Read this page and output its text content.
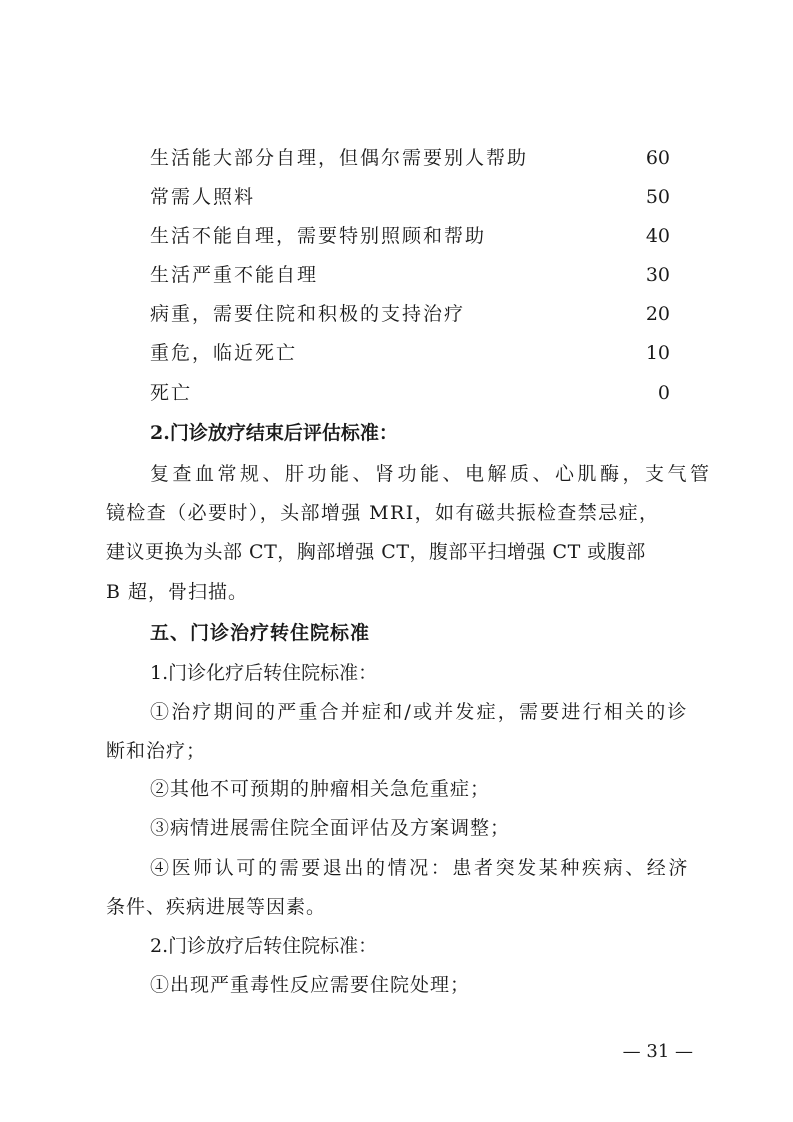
生活能大部分自理，但偶尔需要别人帮助	60
常需人照料	50
生活不能自理，需要特别照顾和帮助	40
生活严重不能自理	30
病重，需要住院和积极的支持治疗	20
重危，临近死亡	10
死亡	0
2.门诊放疗结束后评估标准：
复查血常规、肝功能、肾功能、电解质、心肌酶，支气管
镜检查（必要时），头部增强 MRI，如有磁共振检查禁忌症，
建议更换为头部 CT，胸部增强 CT，腹部平扫增强 CT 或腹部
B 超，骨扫描。
五、门诊治疗转住院标准
1.门诊化疗后转住院标准：
①治疗期间的严重合并症和/或并发症，需要进行相关的诊
断和治疗；
②其他不可预期的肿瘤相关急危重症；
③病情进展需住院全面评估及方案调整；
④医师认可的需要退出的情况：患者突发某种疾病、经济
条件、疾病进展等因素。
2.门诊放疗后转住院标准：
①出现严重毒性反应需要住院处理；
— 31 —
